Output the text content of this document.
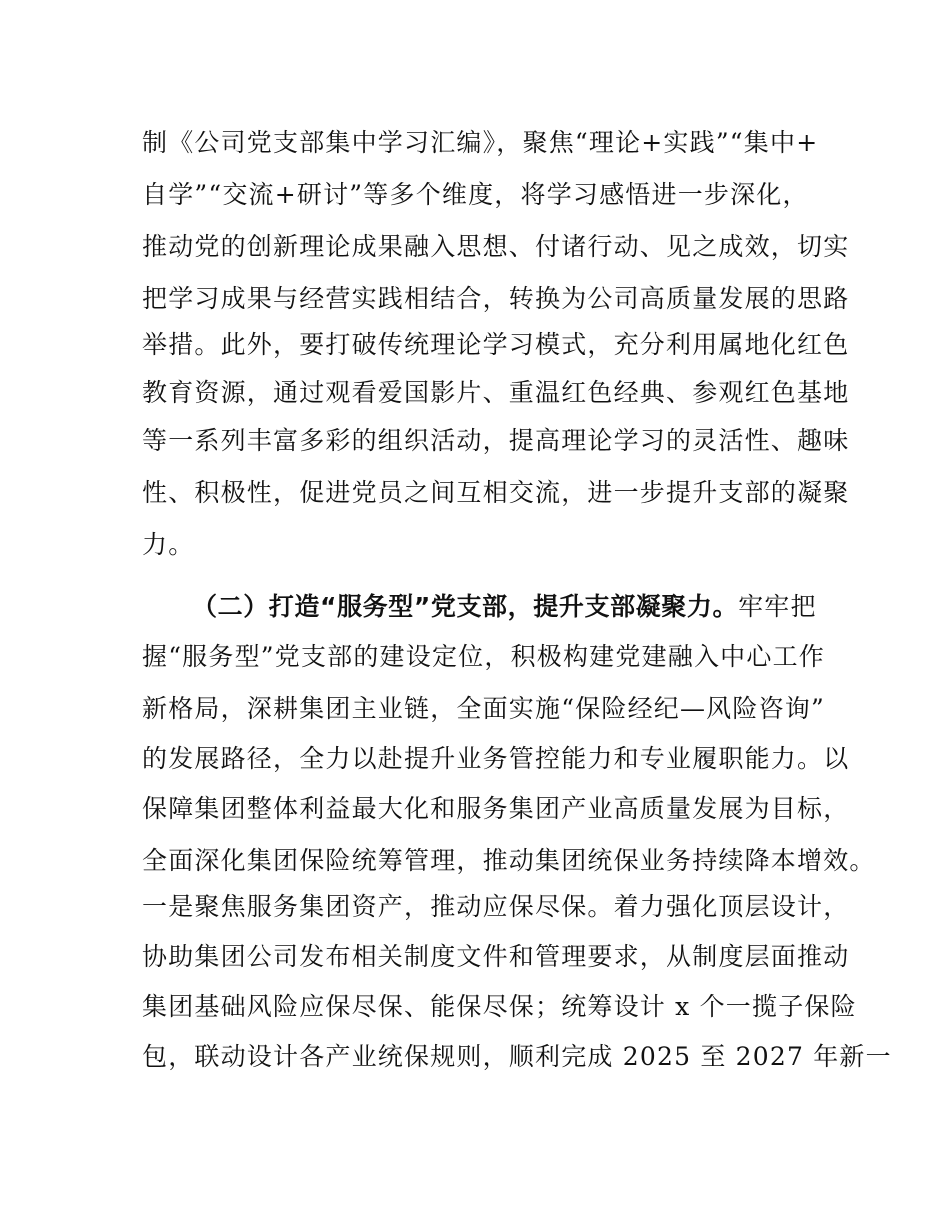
制《公司党支部集中学习汇编》，聚焦“理论+实践”“集中+
自学”“交流+研讨”等多个维度，将学习感悟进一步深化，
推动党的创新理论成果融入思想、付诸行动、见之成效，切实
把学习成果与经营实践相结合，转换为公司高质量发展的思路
举措。此外，要打破传统理论学习模式，充分利用属地化红色
教育资源，通过观看爱国影片、重温红色经典、参观红色基地
等一系列丰富多彩的组织活动，提高理论学习的灵活性、趣味
性、积极性，促进党员之间互相交流，进一步提升支部的凝聚
力。
（二）打造“服务型”党支部，提升支部凝聚力。牢牢把
握“服务型”党支部的建设定位，积极构建党建融入中心工作
新格局，深耕集团主业链，全面实施“保险经纪—风险咨询”
的发展路径，全力以赴提升业务管控能力和专业履职能力。以
保障集团整体利益最大化和服务集团产业高质量发展为目标，
全面深化集团保险统筹管理，推动集团统保业务持续降本增效。
一是聚焦服务集团资产，推动应保尽保。着力强化顶层设计，
协助集团公司发布相关制度文件和管理要求，从制度层面推动
集团基础风险应保尽保、能保尽保；统筹设计 x 个一揽子保险
包，联动设计各产业统保规则，顺利完成 2025 至 2027 年新一
